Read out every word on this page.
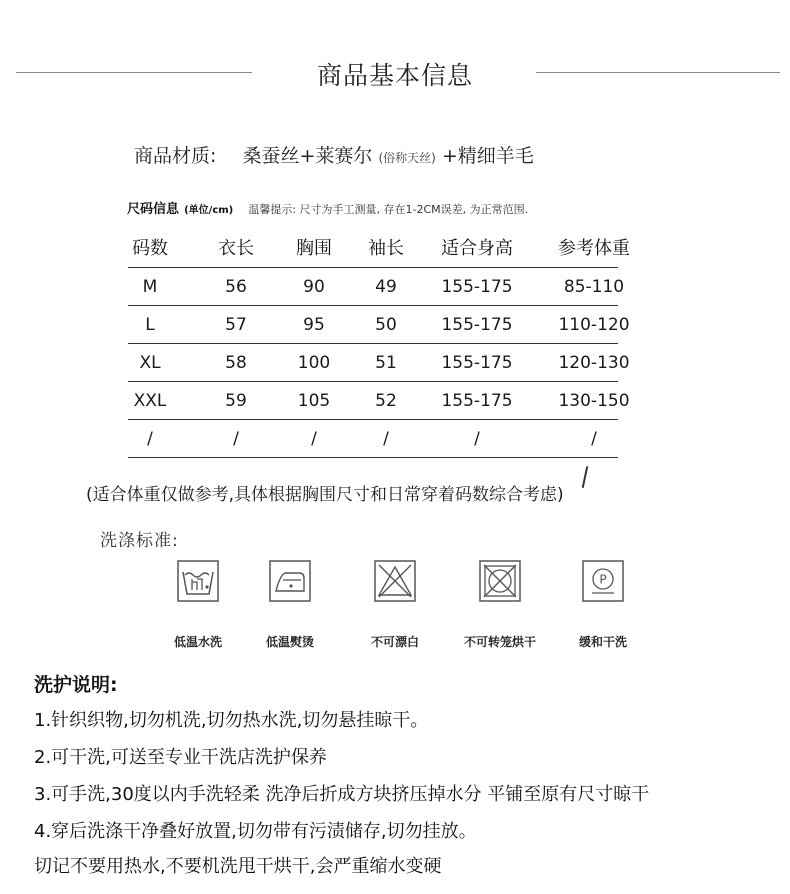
商品基本信息
商品材质: 桑蚕丝+莱赛尔 (俗称天丝) +精细羊毛
尺码信息 (单位/cm) 温馨提示: 尺寸为手工测量, 存在1-2CM误差, 为正常范围.
码数	衣长	胸围	袖长	适合身高	参考体重
M	56	90	49	155-175	85-110
L	57	95	50	155-175	110-120
XL	58	100	51	155-175	120-130
XXL	59	105	52	155-175	130-150
/	/	/	/	/	/
(适合体重仅做参考,具体根据胸围尺寸和日常穿着码数综合考虑)
洗涤标准:
低温水洗	低温熨烫	不可漂白	不可转笼烘干
P
缓和干洗
洗护说明:
1.针织织物,切勿机洗,切勿热水洗,切勿悬挂晾干。
2.可干洗,可送至专业干洗店洗护保养
3.可手洗,30度以内手洗轻柔 洗净后折成方块挤压掉水分 平铺至原有尺寸晾干
4.穿后洗涤干净叠好放置,切勿带有污渍储存,切勿挂放。
切记不要用热水,不要机洗甩干烘干,会严重缩水变硬
